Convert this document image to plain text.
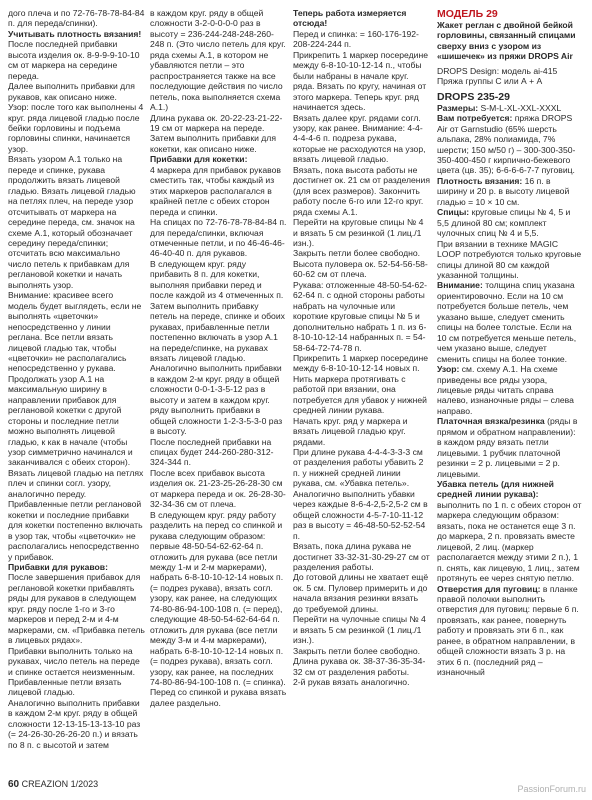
дого плеча и по 72-76-78-78-84-84 п. для переда/спинки).

Учитывать плотность вязания!

После последней прибавки высота изделия ок. 8-9-9-9-10-10 см от маркера на середине переда.

Далее выполнить прибавки для рукавов, как описано ниже.

Узор: после того как выполнены 4 круг. ряда лицевой гладью после бейки горловины и подъема горловины спинки, начинается узор.

Вязать узором А.1 только на переде и спинке, рукава продолжить вязать лицевой гладью. Вязать лицевой гладью на петлях плеч, на переде узор отсчитывать от маркера на середине переда, см. значок на схеме А.1, который обозначает середину переда/спинки; отсчитать всю максимально число петель к прибавкам для реглановой кокетки и начать выполнять узор.

Внимание: красивее всего модель будет выглядеть, если не выполнять «цветочки» непосредственно у линии реглана. Все петли вязать лицевой гладью так, чтобы «цветочки» не располагались непосредственно у рукава.

Продолжать узор А.1 на максимальную ширину в направлении прибавок для реглановой кокетки с другой стороны и последние петли можно выполнять лицевой гладью, к как в начале (чтобы узор симметрично начинался и заканчивался с обеих сторон). Вязать лицевой гладью на петлях плеч и спинки согл. узору, аналогично переду.

Прибавленные петли реглановой кокетки и последние прибавки для кокетки постепенно включать в узор так, чтобы «цветочки» не располагались непосредственно у прибавок.

Прибавки для рукавов:

После завершения прибавок для реглановой кокетки прибавлять ряды для рукавов в следующем круг. ряду после 1-го и 3-го маркеров и перед 2-м и 4-м маркерами, см. «Прибавка петель в лицевых рядах».

Прибавки выполнить только на рукавах, число петель на переде и спинке остается неизменным.

Прибавленные петли вязать лицевой гладью.

Аналогично выполнить прибавки в каждом 2-м круг. ряду в общей сложности 12-13-15-13-13-10 раз (= 24-26-30-26-26-20 п.) и вязать по 8 п. с высотой и затем

в каждом круг. ряду в общей сложности 3-2-0-0-0-0 раз в высоту = 236-244-248-248-260-248 п. (Это число петель для круг. ряда схемы А.1, в котором не убавляются петли – это распространяется также на все последующие действия по число петель, пока выполняется схема А.1.)

Длина рукава ок. 20-22-23-21-22-19 см от маркера на переде. Затем выполнить прибавки для кокетки, как описано ниже.

Прибавки для кокетки:

4 маркера для прибавок рукавов сместить так, чтобы каждый из этих маркеров располагался в крайней петле с обеих сторон переда и спинки.

На спицах по 72-76-78-78-84-84 п. для переда/спинки, включая отмеченные петли, и по 46-46-46-46-40-40 п. для рукавов.

В следующем круг. ряду прибавить 8 п. для кокетки, выполняя прибавки перед и после каждой из 4 отмеченных п.

Затем выполнить прибавку петель на переде, спинке и обоих рукавах, прибавленные петли постепенно включать в узор А.1 на переде/спинке, на рукавах вязать лицевой гладью.

Аналогично выполнить прибавки в каждом 2-м круг. ряду в общей сложности 0-0-1-3-5-12 раз в высоту и затем в каждом круг. ряду выполнить прибавки в общей сложности 1-2-3-5-3-0 раз в высоту.

После последней прибавки на спицах будет 244-260-280-312-324-344 п.

После всех прибавок высота изделия ок. 21-23-25-26-28-30 см от маркера переда и ок. 26-28-30-32-34-36 см от плеча.

В следующем круг. ряду работу разделить на перед со спинкой и рукава следующим образом: первые 48-50-54-62-62-64 п. отложить для рукава (все петли между 1-м и 2-м маркерами), набрать 6-8-10-10-12-14 новых п. (= подрез рукава), вязать согл. узору, как ранее, на следующих 74-80-86-94-100-108 п. (= перед), следующие 48-50-54-62-64-64 п. отложить для рукава (все петли между 3-м и 4-м маркерами), набрать 6-8-10-10-12-14 новых п. (= подрез рукава), вязать согл. узору, как ранее, на последних 74-80-86-94-100-108 п. (= спинка).

Перед со спинкой и рукава вязать далее раздельно.

Теперь работа измеряется отсюда!

Перед и спинка: = 160-176-192-208-224-244 п.

Прикрепить 1 маркер посередине между 6-8-10-10-12-14 п., чтобы были набраны в начале круг. ряда. Вязать по кругу, начиная от этого маркера. Теперь круг. ряд начинается здесь.

Вязать далее круг. рядами согл. узору, как ранее. Внимание: 4-4-4-4-4-6 п. подреза рукава, которые не расходуются на узор, вязать лицевой гладью.

Вязать, пока высота работы не достигнет ок. 21 см от разделения (для всех размеров). Закончить работу после 6-го или 12-го круг. ряда схемы А.1.

Перейти на круговые спицы № 4 и вязать 5 см резинкой (1 лиц./1 изн.).

Закрыть петли более свободно. Высота пуловера ок. 52-54-56-58-60-62 см от плеча.

Рукава: отложенные 48-50-54-62-62-64 п. с одной стороны работы набрать на чулочные или короткие круговые спицы № 5 и дополнительно набрать 1 п. из 6-8-10-10-12-14 набранных п. = 54-58-64-72-74-78 п.

Прикрепить 1 маркер посередине между 6-8-10-10-12-14 новых п. Нить маркера протягивать с работой при вязании, она потребуется для убавок у нижней средней линии рукава.

Начать круг. ряд у маркера и вязать лицевой гладью круг. рядами.

При длине рукава 4-4-4-3-3-3 см от разделения работы убавить 2 п. у нижней средней линии рукава, см. «Убавка петель».

Аналогично выполнить убавки через каждые 8-6-4-2,5-2,5-2 см в общей сложности 4-5-7-10-11-12 раз в высоту = 46-48-50-52-52-54 п.

Вязать, пока длина рукава не достигнет 33-32-31-30-29-27 см от разделения работы.

До готовой длины не хватает ещё ок. 5 см. Пуловер примерить и до начала вязания резинки вязать до требуемой длины.

Перейти на чулочные спицы № 4 и вязать 5 см резинкой (1 лиц./1 изн.).

Закрыть петли более свободно.

Длина рукава ок. 38-37-36-35-34-32 см от разделения работы.

2-й рукав вязать аналогично.

МОДЕЛЬ 29

Жакет реглан с двойной бейкой горловины, связанный спицами сверху вниз с узором из «шишечек» из пряжи DROPS Air

DROPS Design: модель ai-415
Пряжа группы С или А + А

DROPS 235-29

Размеры: S-M-L-XL-XXL-XXXL

Вам потребуется: пряжа DROPS Air от Garnstudio (65% шерсть альпака, 28% полиамида, 7% шерсти; 150 м/50 г) – 300-300-350-350-400-450 г кирпично-бежевого цвета (цв. 35); 6-6-6-6-7-7 пуговиц.

Плотность вязания: 16 п. в ширину и 20 р. в высоту лицевой гладью = 10 × 10 см.

Спицы: круговые спицы № 4, 5 и 5,5 длиной 80 см; комплект чулочных спиц № 4 и 5,5.

При вязании в технике MAGIC LOOP потребуются только круговые спицы длиной 80 см каждой указанной толщины.

Внимание: толщина спиц указана ориентировочно. Если на 10 см потребуется больше петель, чем указано выше, следует сменить спицы на более толстые. Если на 10 см потребуется меньше петель, чем указано выше, следует сменить спицы на более тонкие.

Узор: см. схему А.1. На схеме приведены все ряды узора, лицевые ряды читать справа налево, изнаночные ряды – слева направо.

Платочная вязка/резинка (ряды в прямом и обратном направлении): в каждом ряду вязать петли лицевыми. 1 рубчик платочной резинки = 2 р. лицевыми = 2 р. лицевыми.

Убавка петель (для нижней средней линии рукава): выполнить по 1 п. с обеих сторон от маркера следующим образом: вязать, пока не останется еще 3 п. до маркера, 2 п. провязать вместе лицевой, 2 лиц. (маркер располагается между этими 2 п.), 1 п. снять, как лицевую, 1 лиц., затем протянуть ее через снятую петлю.

Отверстия для пуговиц: в планке правой полочки выполнить отверстия для пуговиц: первые 6 п. провязать, как ранее, повернуть работу и провязать эти 6 п., как ранее, в обратном направлении, в общей сложности вязать 3 р. на этих 6 п. (последний ряд – изнаночный

60 CREAZION 1/2023	PassionForum.ru
